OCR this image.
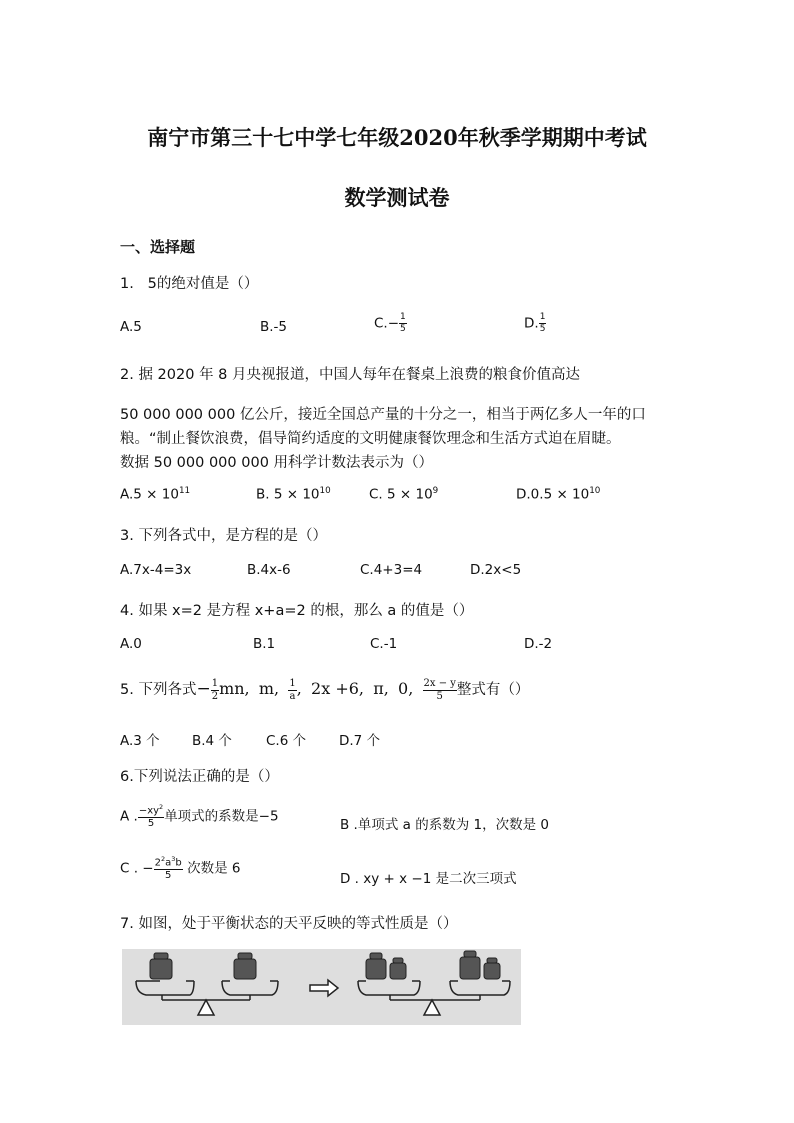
南宁市第三十七中学七年级2020年秋季学期期中考试
数学测试卷
一、选择题
1.   5的绝对值是（）
A.5	B.-5	$C.- \frac{1}{5}$	D. $\frac{1}{5}$
2. 据 2020 年 8 月央视报道，中国人每年在餐桌上浪费的粮食价值高达
50 000 000 000 亿公斤，接近全国总产量的十分之一，相当于两亿多人一年的口
粮。“制止餐饮浪费，倡导简约适度的文明健康餐饮理念和生活方式迫在眉睫。
数据 50 000 000 000 用科学计数法表示为（）
$A.5 \times 10^{11}$	B. $5 \times 10^{10}$	C. $5 \times 10^9$	$D.0.5 \times 10^{10}$
3. 下列各式中，是方程的是（）
A.7x-4=3x	B.4x-6	C.4+3=4	D.2x<5
4. 如果 x=2 是方程 x+a=2 的根，那么 a 的值是（）
A.0	B.1	C.-1	D.-2
5. 下列各式− $\frac{1}{2}$ mn, m, $\frac{1}{a}$ , 2x +6, π, 0, $\frac{2x - y}{5}$ 整式有（）
A.3 个 B.4 个	C.6 个 D.7 个
6.下列说法正确的是（）
A . $\frac{-xy^2}{5}$ 单项式的系数是−5
B .单项式 a 的系数为 1，次数是 0
C . − $\frac{2^2a^3b}{5}$ 次数是 6
D . xy + x −1 是二次三项式
7. 如图，处于平衡状态的天平反映的等式性质是（）
